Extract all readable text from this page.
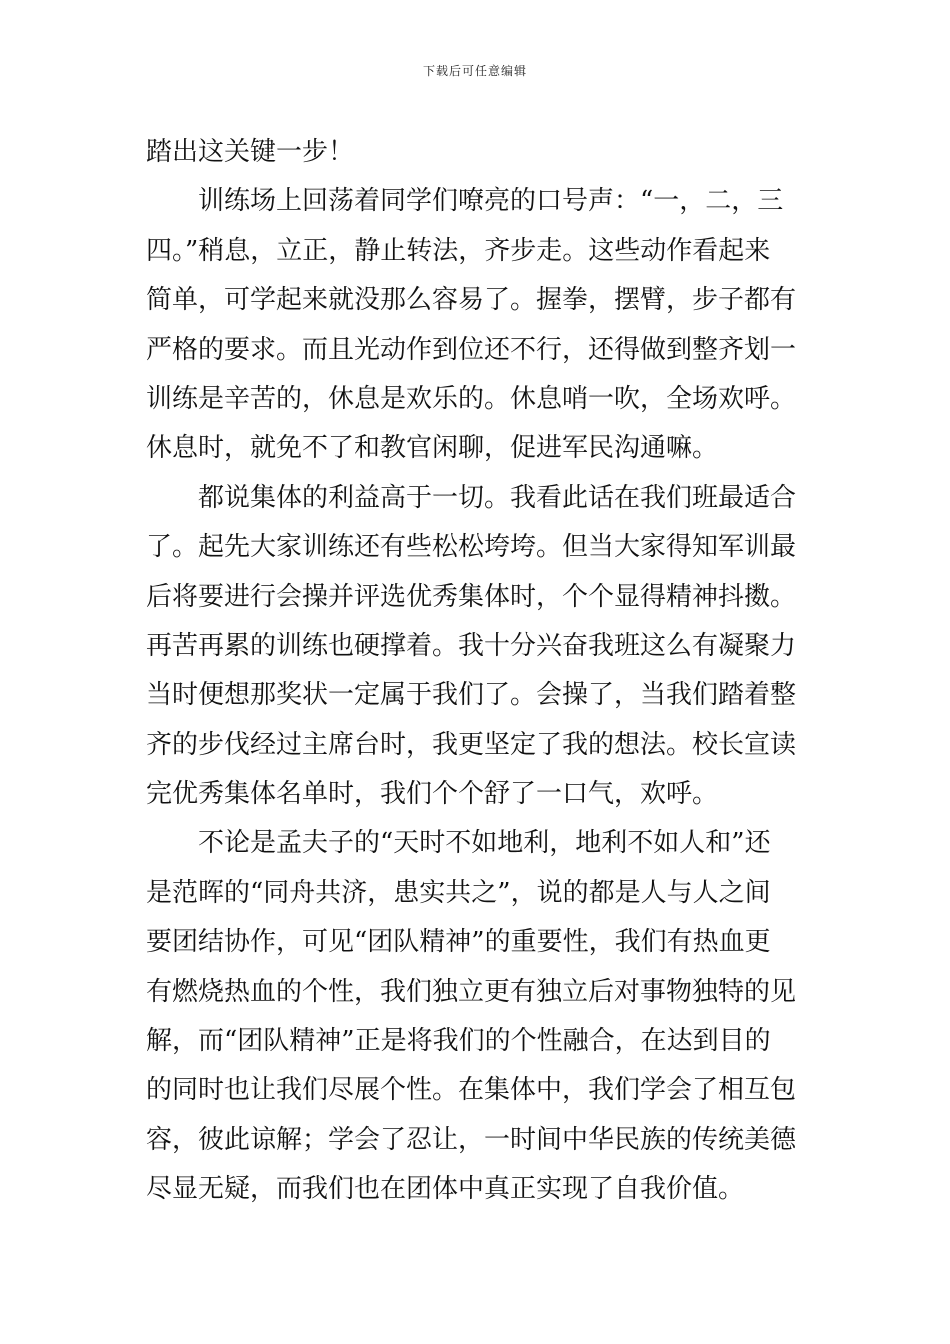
下载后可任意编辑
踏出这关键一步！
训练场上回荡着同学们嘹亮的口号声：“一，二，三
四。”稍息，立正，静止转法，齐步走。这些动作看起来
简单，可学起来就没那么容易了。握拳，摆臂，步子都有
严格的要求。而且光动作到位还不行，还得做到整齐划一
训练是辛苦的，休息是欢乐的。休息哨一吹，全场欢呼。
休息时，就免不了和教官闲聊，促进军民沟通嘛。
都说集体的利益高于一切。我看此话在我们班最适合
了。起先大家训练还有些松松垮垮。但当大家得知军训最
后将要进行会操并评选优秀集体时，个个显得精神抖擞。
再苦再累的训练也硬撑着。我十分兴奋我班这么有凝聚力
当时便想那奖状一定属于我们了。会操了，当我们踏着整
齐的步伐经过主席台时，我更坚定了我的想法。校长宣读
完优秀集体名单时，我们个个舒了一口气，欢呼。
不论是孟夫子的“天时不如地利，地利不如人和”还
是范晖的“同舟共济，患实共之”，说的都是人与人之间
要团结协作，可见“团队精神”的重要性，我们有热血更
有燃烧热血的个性，我们独立更有独立后对事物独特的见
解，而“团队精神”正是将我们的个性融合，在达到目的
的同时也让我们尽展个性。在集体中，我们学会了相互包
容，彼此谅解；学会了忍让，一时间中华民族的传统美德
尽显无疑，而我们也在团体中真正实现了自我价值。
